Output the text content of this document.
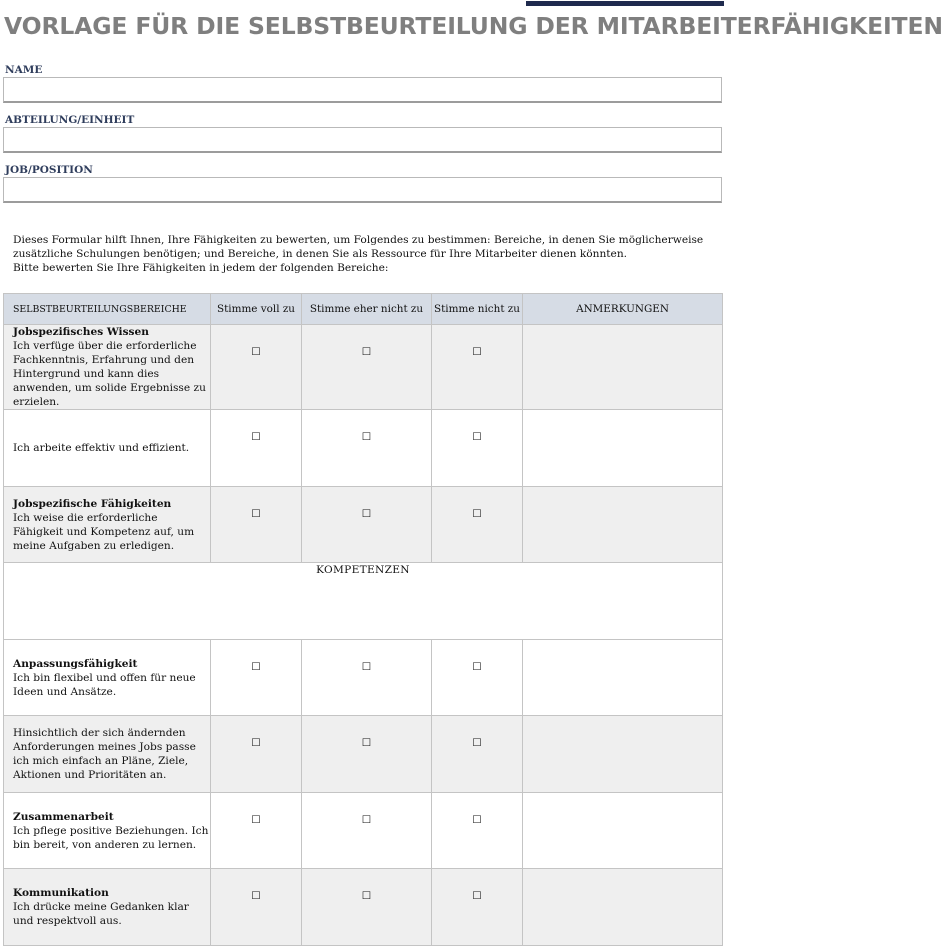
VORLAGE FÜR DIE SELBSTBEURTEILUNG DER MITARBEITERFÄHIGKEITEN
NAME
ABTEILUNG/EINHEIT
JOB/POSITION
Dieses Formular hilft Ihnen, Ihre Fähigkeiten zu bewerten, um Folgendes zu bestimmen: Bereiche, in denen Sie möglicherweise zusätzliche Schulungen benötigen; und Bereiche, in denen Sie als Ressource für Ihre Mitarbeiter dienen könnten.
Bitte bewerten Sie Ihre Fähigkeiten in jedem der folgenden Bereiche:
SELBSTBEURTEILUNGSBEREICHE	Stimme voll zu	Stimme eher nicht zu	Stimme nicht zu	ANMERKUNGEN

Jobspezifisches Wissen
Ich verfüge über die erforderliche Fachkenntnis, Erfahrung und den Hintergrund und kann dies anwenden, um solide Ergebnisse zu erzielen.	☐	☐	☐	
Ich arbeite effektiv und effizient.	☐	☐	☐	

Jobspezifische Fähigkeiten
Ich weise die erforderliche Fähigkeit und Kompetenz auf, um meine Aufgaben zu erledigen.	☐	☐	☐	
KOMPETENZEN				

Anpassungsfähigkeit
Ich bin flexibel und offen für neue Ideen und Ansätze.	☐	☐	☐	
Hinsichtlich der sich ändernden Anforderungen meines Jobs passe ich mich einfach an Pläne, Ziele, Aktionen und Prioritäten an.	☐	☐	☐	

Zusammenarbeit
Ich pflege positive Beziehungen. Ich bin bereit, von anderen zu lernen.	☐	☐	☐	

Kommunikation
Ich drücke meine Gedanken klar und respektvoll aus.	☐	☐	☐	
